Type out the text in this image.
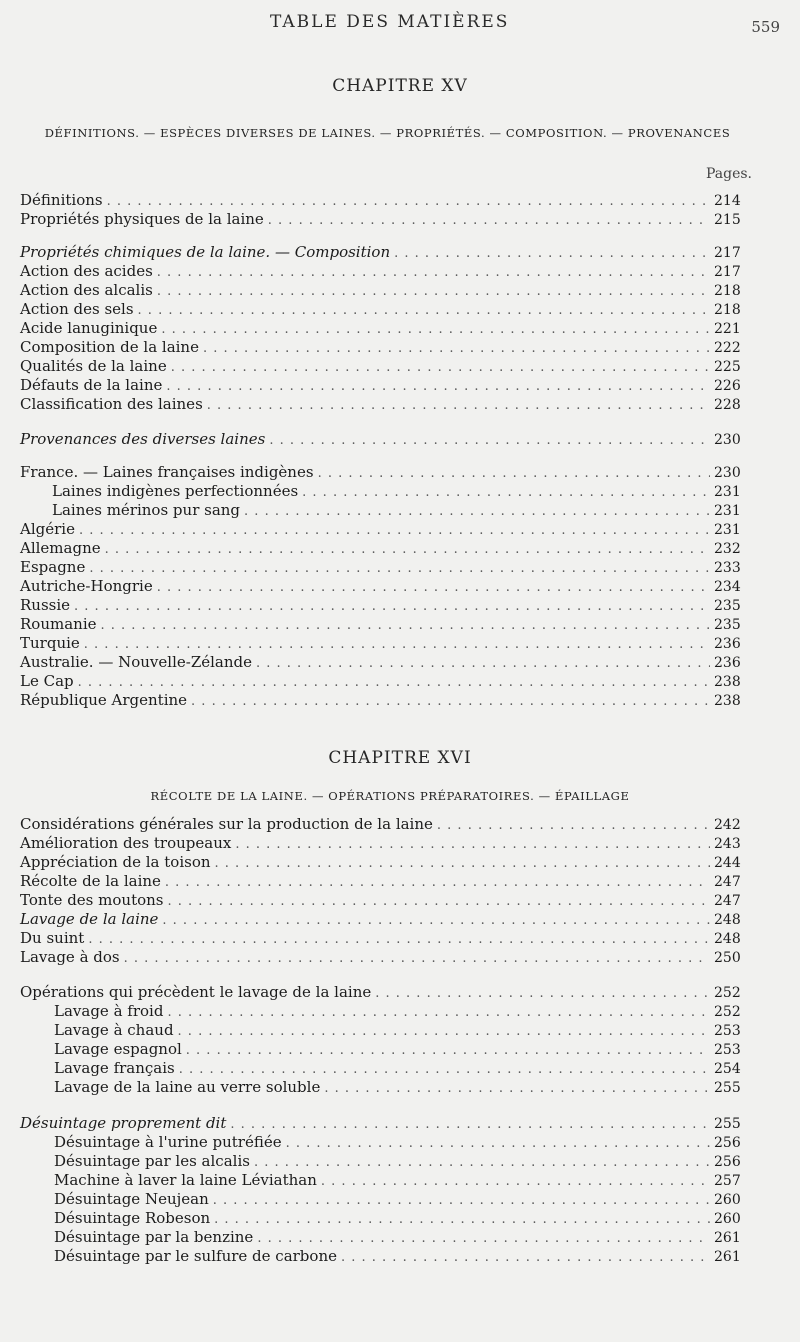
TABLE DES MATIÈRES	559
CHAPITRE XV
DÉFINITIONS. — ESPÈCES DIVERSES DE LAINES. — PROPRIÉTÉS. — COMPOSITION. — PROVENANCES
Pages.
Définitions . . .	214
Propriétés physiques de la laine . . .	215
Propriétés chimiques de la laine. — Composition . . .	217
Action des acides . . .	217
Action des alcalis . . .	218
Action des sels . . .	218
Acide lanuginique . . .	221
Composition de la laine . . .	222
Qualités de la laine . . .	225
Défauts de la laine . . .	226
Classification des laines . . .	228
Provenances des diverses laines . . .	230
France. — Laines françaises indigènes . . .	230
Laines indigènes perfectionnées . . .	231
Laines mérinos pur sang . . .	231
Algérie . . .	231
Allemagne . . .	232
Espagne . . .	233
Autriche-Hongrie . . .	234
Russie . . .	235
Roumanie . . .	235
Turquie . . .	236
Australie. — Nouvelle-Zélande . . .	236
Le Cap . . .	238
République Argentine . . .	238
CHAPITRE XVI
RÉCOLTE DE LA LAINE. — OPÉRATIONS PRÉPARATOIRES. — ÉPAILLAGE
Considérations générales sur la production de la laine . . .	242
Amélioration des troupeaux . . .	243
Appréciation de la toison . . .	244
Récolte de la laine . . .	247
Tonte des moutons . . .	247
Lavage de la laine . . .	248
Du suint . . .	248
Lavage à dos . . .	250
Opérations qui précèdent le lavage de la laine . . .	252
Lavage à froid . . .	252
Lavage à chaud . . .	253
Lavage espagnol . . .	253
Lavage français . . .	254
Lavage de la laine au verre soluble . . .	255
Désuintage proprement dit . . .	255
Désuintage à l'urine putréfiée . . .	256
Désuintage par les alcalis . . .	256
Machine à laver la laine Léviathan . . .	257
Désuintage Neujean . . .	260
Désuintage Robeson . . .	260
Désuintage par la benzine . . .	261
Désuintage par le sulfure de carbone . . .	261
